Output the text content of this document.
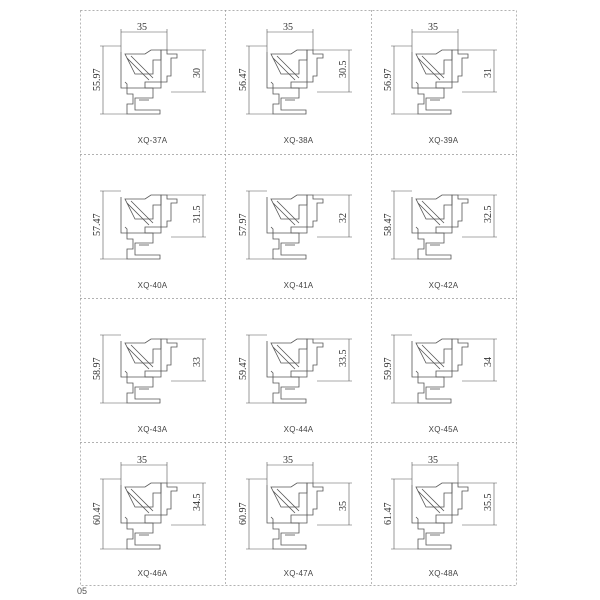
55.97	30
35
XQ-37A
56.47	30.5
35
XQ-38A
56.97	31
35
XQ-39A
57.47	31.5
XQ-40A
57.97	32
XQ-41A
58.47	32.5
XQ-42A
58.97	33
XQ-43A
59.47	33.5
XQ-44A
59.97	34
XQ-45A
60.47
34.5
35
XQ-46A
60.97	35
35
XQ-47A
61.47
35.5
35
XQ-48A
05
